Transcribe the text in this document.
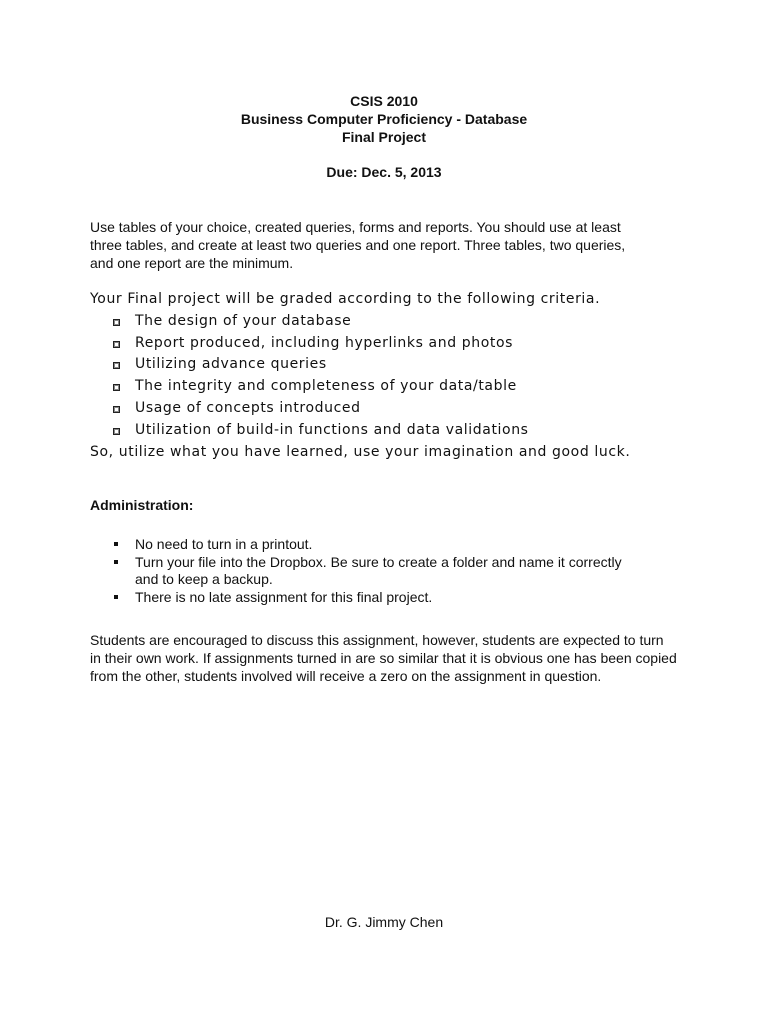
CSIS 2010
Business Computer Proficiency - Database
Final Project
Due: Dec. 5, 2013
Use tables of your choice, created queries, forms and reports. You should use at least
three tables, and create at least two queries and one report. Three tables, two queries,
and one report are the minimum.
Your Final project will be graded according to the following criteria.
The design of your database
Report produced, including hyperlinks and photos
Utilizing advance queries
The integrity and completeness of your data/table
Usage of concepts introduced
Utilization of build-in functions and data validations
So, utilize what you have learned, use your imagination and good luck.
Administration:
No need to turn in a printout.
Turn your file into the Dropbox. Be sure to create a folder and name it correctly
and to keep a backup.
There is no late assignment for this final project.
Students are encouraged to discuss this assignment, however, students are expected to turn
in their own work. If assignments turned in are so similar that it is obvious one has been copied
from the other, students involved will receive a zero on the assignment in question.
Dr. G. Jimmy Chen
